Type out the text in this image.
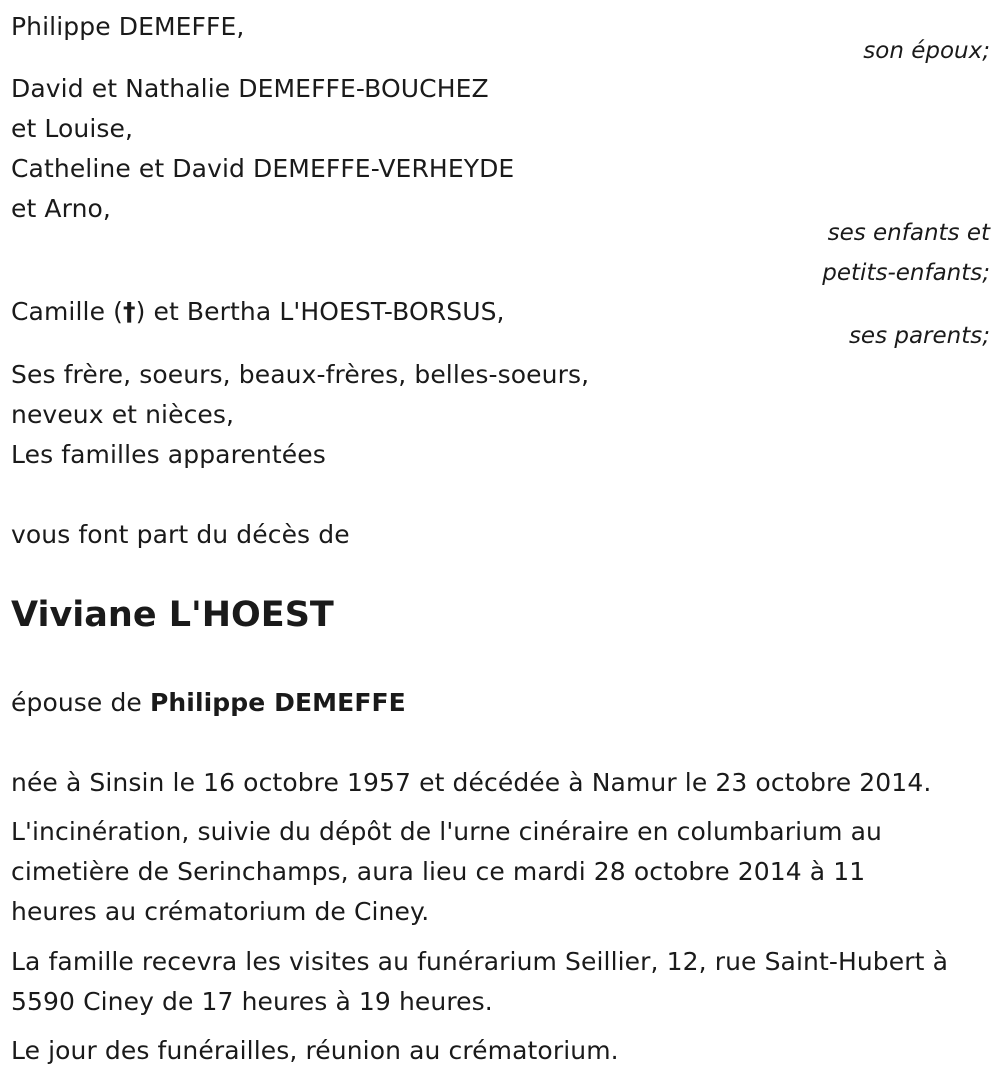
Philippe DEMEFFE,
son époux;
David et Nathalie DEMEFFE-BOUCHEZ
et Louise,
Catheline et David DEMEFFE-VERHEYDE
et Arno,
ses enfants et
petits-enfants;
Camille (†) et Bertha L'HOEST-BORSUS,
ses parents;
Ses frère, soeurs, beaux-frères, belles-soeurs,
neveux et nièces,
Les familles apparentées
vous font part du décès de
Viviane L'HOEST
épouse de Philippe DEMEFFE
née à Sinsin le 16 octobre 1957 et décédée à Namur le 23 octobre 2014.
L'incinération, suivie du dépôt de l'urne cinéraire en columbarium au
cimetière de Serinchamps, aura lieu ce mardi 28 octobre 2014 à 11
heures au crématorium de Ciney.
La famille recevra les visites au funérarium Seillier, 12, rue Saint-Hubert à
5590 Ciney de 17 heures à 19 heures.
Le jour des funérailles, réunion au crématorium.
